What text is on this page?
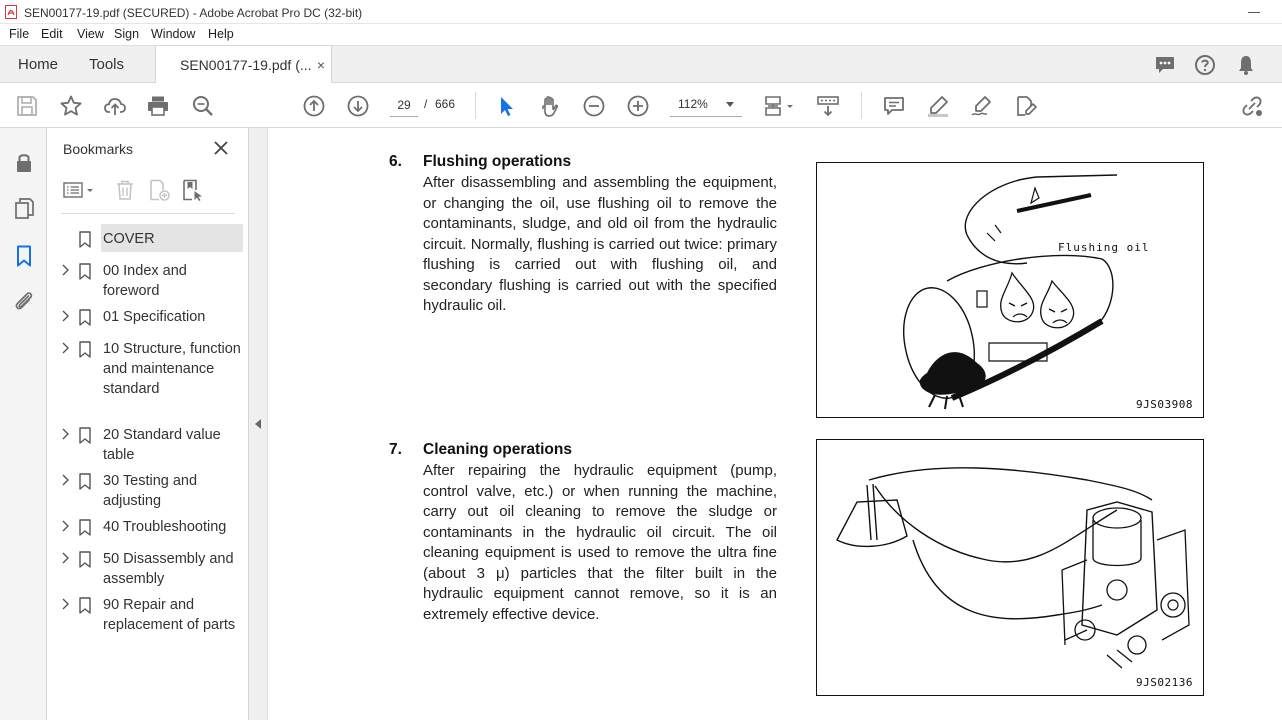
SEN00177-19.pdf (SECURED) - Adobe Acrobat Pro DC (32-bit)
File Edit View Sign Window Help
Home Tools	SEN00177-19.pdf (... ×
29
/ 666	112%
Bookmarks
COVER
00 Index and foreword
01 Specification
10 Structure, function and maintenance standard
20 Standard value table
30 Testing and adjusting
40 Troubleshooting
50 Disassembly and assembly
90 Repair and replacement of parts
6. Flushing operations

After disassembling and assembling the equipment, or changing the oil, use flushing oil to remove the contaminants, sludge, and old oil from the hydraulic circuit. Normally, flushing is carried out twice: primary flushing is carried out with flushing oil, and secondary flushing is carried out with the specified hydraulic oil.

Flushing oil
9JS03908
7. Cleaning operations

After repairing the hydraulic equipment (pump, control valve, etc.) or when running the machine, carry out oil cleaning to remove the sludge or contaminants in the hydraulic oil circuit. The oil cleaning equipment is used to remove the ultra fine (about 3 μ) particles that the filter built in the hydraulic equipment cannot remove, so it is an extremely effective device.

9JS02136
